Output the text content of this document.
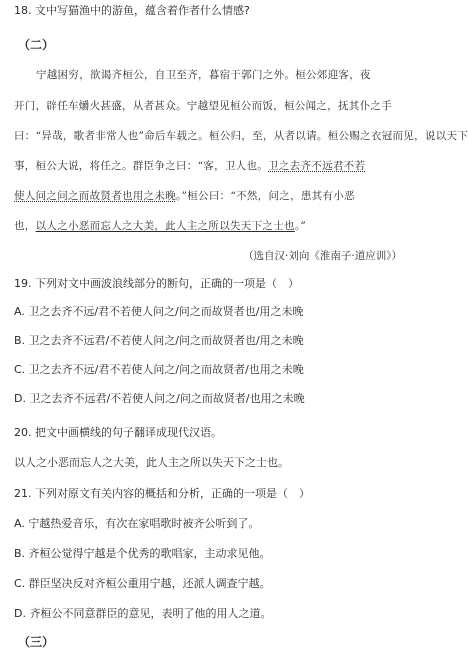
18. 文中写猫渔中的游鱼，蕴含着作者什么情感?
（二）
宁越困穷，欲谒齐桓公，自卫至齐，暮宿于郭门之外。桓公郊迎客，夜
开门，辟任车爝火甚盛，从者甚众。宁越望见桓公而饭，桓公闻之，抚其仆之手
曰：“异哉，歌者非常人也”命后车载之。桓公归，至，从者以请。桓公赐之衣冠而见，说以天下
事，桓公大说，将任之。群臣争之曰：“客，卫人也。卫之去齐不远君不若
使人问之问之而故贤者也用之未晚。”桓公曰：“不然，问之，患其有小恶
也，以人之小恶而忘人之大美，此人主之所以失天下之士也。”
（选自汉·刘向《淮南子·道应训》）
19. 下列对文中画波浪线部分的断句，正确的一项是（　）
A. 卫之去齐不远/君不若使人问之/问之而故贤者也/用之未晚
B. 卫之去齐不远君/不若使人问之/问之而故贤者也/用之未晚
C. 卫之去齐不远/君不若使人问之/问之而故贤者/也用之未晚
D. 卫之去齐不远君/不若使人问之/问之而故贤者/也用之未晚
20. 把文中画横线的句子翻译成现代汉语。
以人之小恶而忘人之大美，此人主之所以失天下之士也。
21. 下列对原文有关内容的概括和分析，正确的一项是（　）
A. 宁越热爱音乐，有次在家唱歌时被齐公听到了。
B. 齐桓公觉得宁越是个优秀的歌唱家，主动求见他。
C. 群臣坚决反对齐桓公重用宁越，还派人调查宁越。
D. 齐桓公不同意群臣的意见，表明了他的用人之道。
（三）
